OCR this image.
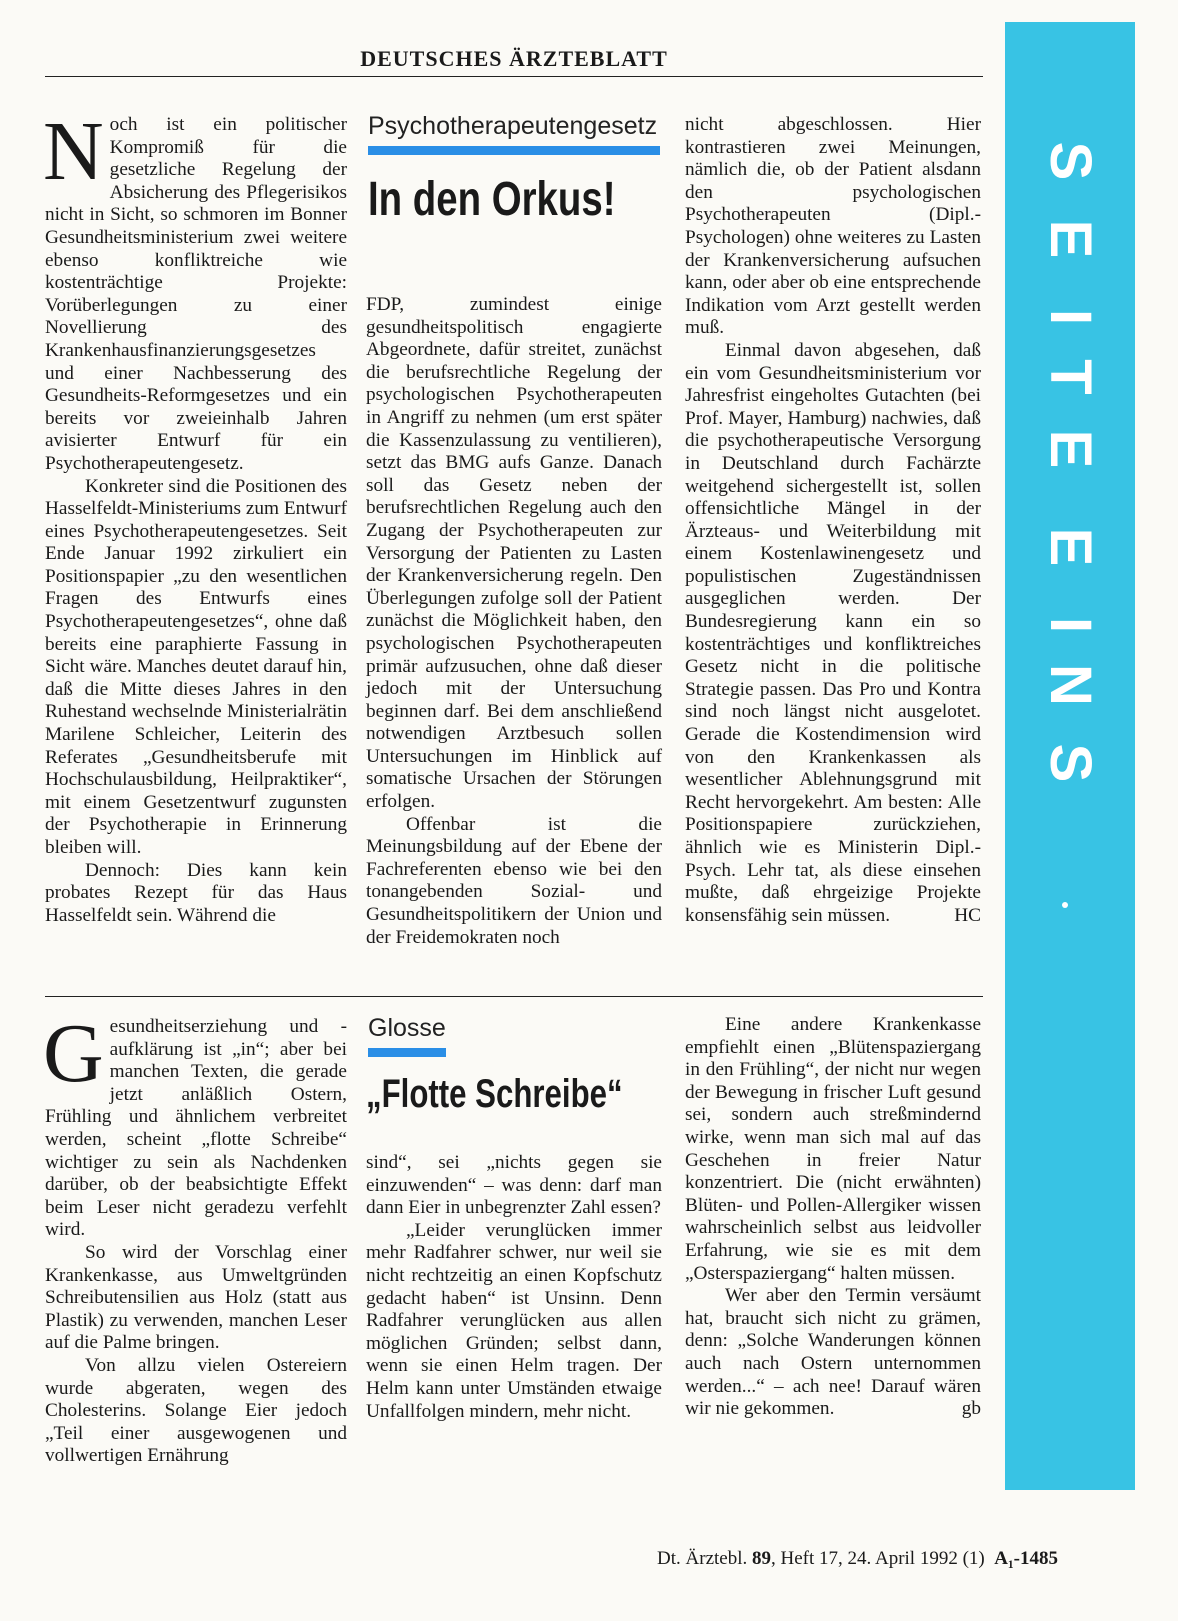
DEUTSCHES ÄRZTEBLATT
S
E
I
T
E
E
I
N
S

Noch ist ein politischer Kompromiß für die gesetzliche Regelung der Absicherung des Pflegerisikos nicht in Sicht, so schmoren im Bonner Gesundheitsministerium zwei weitere ebenso konfliktreiche wie kostenträchtige Projekte: Vorüberlegungen zu einer Novellierung des Krankenhausfinanzierungsgesetzes und einer Nachbesserung des Gesundheits-Reformgesetzes und ein bereits vor zweieinhalb Jahren avisierter Entwurf für ein Psychotherapeutengesetz.

Konkreter sind die Positionen des Hasselfeldt-Ministeriums zum Entwurf eines Psychotherapeutengesetzes. Seit Ende Januar 1992 zirkuliert ein Positionspapier „zu den wesentlichen Fragen des Entwurfs eines Psychotherapeutengesetzes“, ohne daß bereits eine paraphierte Fassung in Sicht wäre. Manches deutet darauf hin, daß die Mitte dieses Jahres in den Ruhestand wechselnde Ministerialrätin Marilene Schleicher, Leiterin des Referates „Gesundheitsberufe mit Hochschulausbildung, Heilpraktiker“, mit einem Gesetzentwurf zugunsten der Psychotherapie in Erinnerung bleiben will.

Dennoch: Dies kann kein probates Rezept für das Haus Hasselfeldt sein. Während die

Psychotherapeutengesetz
In den Orkus!

FDP, zumindest einige gesundheitspolitisch engagierte Abgeordnete, dafür streitet, zunächst die berufsrechtliche Regelung der psychologischen Psychotherapeuten in Angriff zu nehmen (um erst später die Kassenzulassung zu ventilieren), setzt das BMG aufs Ganze. Danach soll das Gesetz neben der berufsrechtlichen Regelung auch den Zugang der Psychotherapeuten zur Versorgung der Patienten zu Lasten der Krankenversicherung regeln. Den Überlegungen zufolge soll der Patient zunächst die Möglichkeit haben, den psychologischen Psychotherapeuten primär aufzusuchen, ohne daß dieser jedoch mit der Untersuchung beginnen darf. Bei dem anschließend notwendigen Arztbesuch sollen Untersuchungen im Hinblick auf somatische Ursachen der Störungen erfolgen.

Offenbar ist die Meinungsbildung auf der Ebene der Fachreferenten ebenso wie bei den tonangebenden Sozial- und Gesundheitspolitikern der Union und der Freidemokraten noch

nicht abgeschlossen. Hier kontrastieren zwei Meinungen, nämlich die, ob der Patient alsdann den psychologischen Psychotherapeuten (Dipl.-Psychologen) ohne weiteres zu Lasten der Krankenversicherung aufsuchen kann, oder aber ob eine entsprechende Indikation vom Arzt gestellt werden muß.

Einmal davon abgesehen, daß ein vom Gesundheitsministerium vor Jahresfrist eingeholtes Gutachten (bei Prof. Mayer, Hamburg) nachwies, daß die psychotherapeutische Versorgung in Deutschland durch Fachärzte weitgehend sichergestellt ist, sollen offensichtliche Mängel in der Ärzteaus- und Weiterbildung mit einem Kostenlawinengesetz und populistischen Zugeständnissen ausgeglichen werden. Der Bundesregierung kann ein so kostenträchtiges und konfliktreiches Gesetz nicht in die politische Strategie passen. Das Pro und Kontra sind noch längst nicht ausgelotet. Gerade die Kostendimension wird von den Krankenkassen als wesentlicher Ablehnungsgrund mit Recht hervorgekehrt. Am besten: Alle Positionspapiere zurückziehen, ähnlich wie es Ministerin Dipl.-Psych. Lehr tat, als diese einsehen mußte, daß ehrgeizige Projekte konsensfähig sein müssen.	HC

Gesundheitserziehung und -aufklärung ist „in“; aber bei manchen Texten, die gerade jetzt anläßlich Ostern, Frühling und ähnlichem verbreitet werden, scheint „flotte Schreibe“ wichtiger zu sein als Nachdenken darüber, ob der beabsichtigte Effekt beim Leser nicht geradezu verfehlt wird.

So wird der Vorschlag einer Krankenkasse, aus Umweltgründen Schreibutensilien aus Holz (statt aus Plastik) zu verwenden, manchen Leser auf die Palme bringen.

Von allzu vielen Ostereiern wurde abgeraten, wegen des Cholesterins. Solange Eier jedoch „Teil einer ausgewogenen und vollwertigen Ernährung

Glosse
„Flotte Schreibe“

sind“, sei „nichts gegen sie einzuwenden“ – was denn: darf man dann Eier in unbegrenzter Zahl essen?

„Leider verunglücken immer mehr Radfahrer schwer, nur weil sie nicht rechtzeitig an einen Kopfschutz gedacht haben“ ist Unsinn. Denn Radfahrer verunglücken aus allen möglichen Gründen; selbst dann, wenn sie einen Helm tragen. Der Helm kann unter Umständen etwaige Unfallfolgen mindern, mehr nicht.

Eine andere Krankenkasse empfiehlt einen „Blütenspaziergang in den Frühling“, der nicht nur wegen der Bewegung in frischer Luft gesund sei, sondern auch streßmindernd wirke, wenn man sich mal auf das Geschehen in freier Natur konzentriert. Die (nicht erwähnten) Blüten- und Pollen-Allergiker wissen wahrscheinlich selbst aus leidvoller Erfahrung, wie sie es mit dem „Osterspaziergang“ halten müssen.

Wer aber den Termin versäumt hat, braucht sich nicht zu grämen, denn: „Solche Wanderungen können auch nach Ostern unternommen werden...“ – ach nee! Darauf wären wir nie gekommen.	gb

Dt. Ärztebl. 89, Heft 17, 24. April 1992 (1) A₁-1485
